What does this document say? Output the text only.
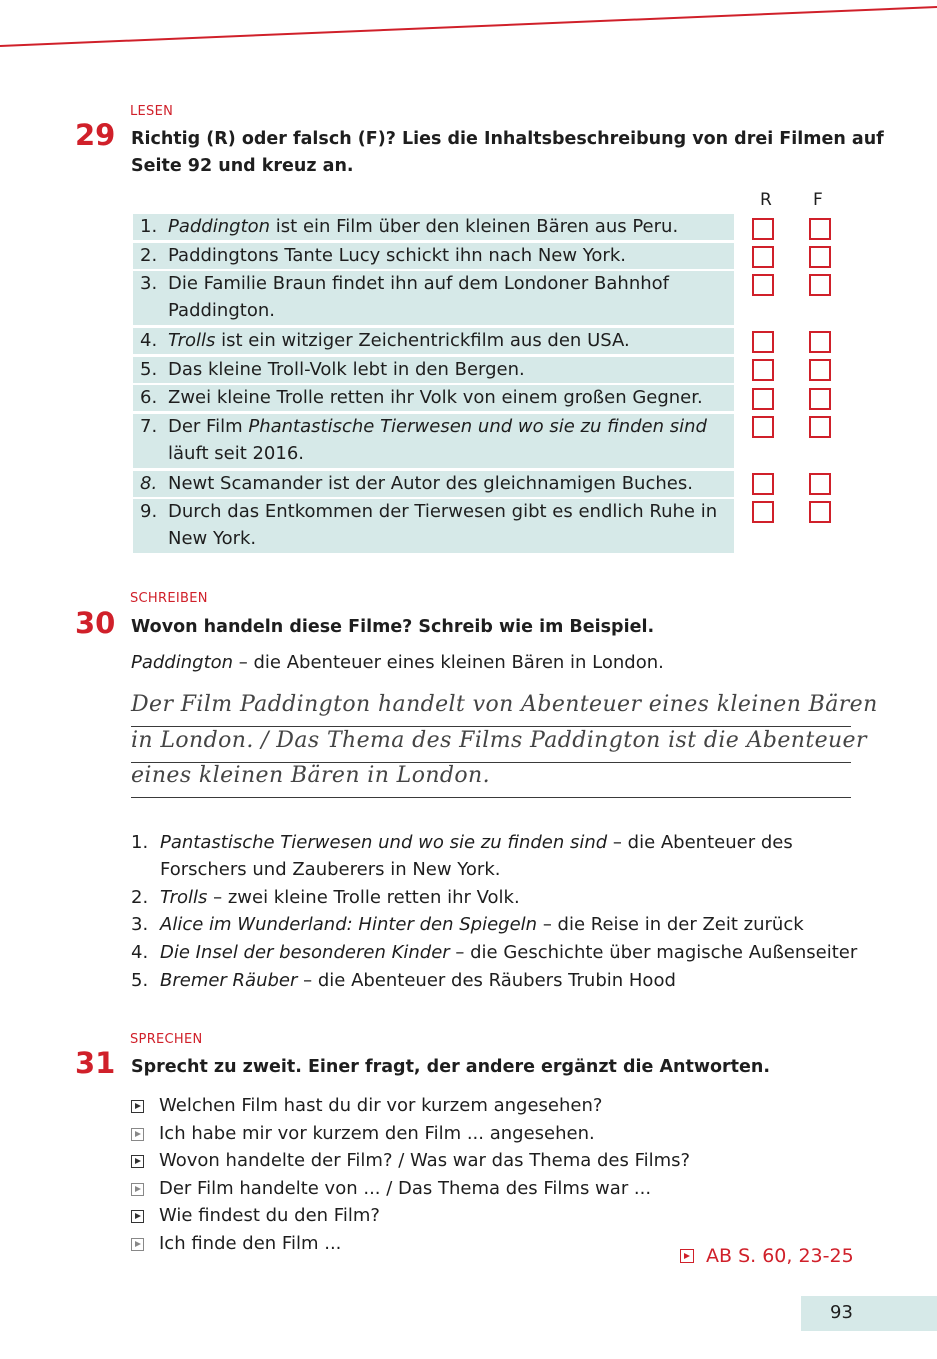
LESEN
29 Richtig (R) oder falsch (F)? Lies die Inhaltsbeschreibung von drei Filmen auf
Seite 92 und kreuz an.
R F
1. Paddington ist ein Film über den kleinen Bären aus Peru.
2. Paddingtons Tante Lucy schickt ihn nach New York.
3. Die Familie Braun findet ihn auf dem Londoner Bahnhof
Paddington.
4. Trolls ist ein witziger Zeichentrickfilm aus den USA.
5. Das kleine Troll-Volk lebt in den Bergen.
6. Zwei kleine Trolle retten ihr Volk von einem großen Gegner.
7. Der Film Phantastische Tierwesen und wo sie zu finden sind
läuft seit 2016.
8. Newt Scamander ist der Autor des gleichnamigen Buches.
9. Durch das Entkommen der Tierwesen gibt es endlich Ruhe in
New York.
SCHREIBEN
30 Wovon handeln diese Filme? Schreib wie im Beispiel.
Paddington – die Abenteuer eines kleinen Bären in London.
Der Film Paddington handelt von Abenteuer eines kleinen Bären
in London. / Das Thema des Films Paddington ist die Abenteuer
eines kleinen Bären in London.
1. Pantastische Tierwesen und wo sie zu finden sind – die Abenteuer des
Forschers und Zauberers in New York.
2. Trolls – zwei kleine Trolle retten ihr Volk.
3. Alice im Wunderland: Hinter den Spiegeln – die Reise in der Zeit zurück
4. Die Insel der besonderen Kinder – die Geschichte über magische Außenseiter
5. Bremer Räuber – die Abenteuer des Räubers Trubin Hood
SPRECHEN
31 Sprecht zu zweit. Einer fragt, der andere ergänzt die Antworten.
Welchen Film hast du dir vor kurzem angesehen?
Ich habe mir vor kurzem den Film ... angesehen.
Wovon handelte der Film? / Was war das Thema des Films?
Der Film handelte von ... / Das Thema des Films war ...
Wie findest du den Film?
Ich finde den Film ...
AB S. 60, 23-25
93
